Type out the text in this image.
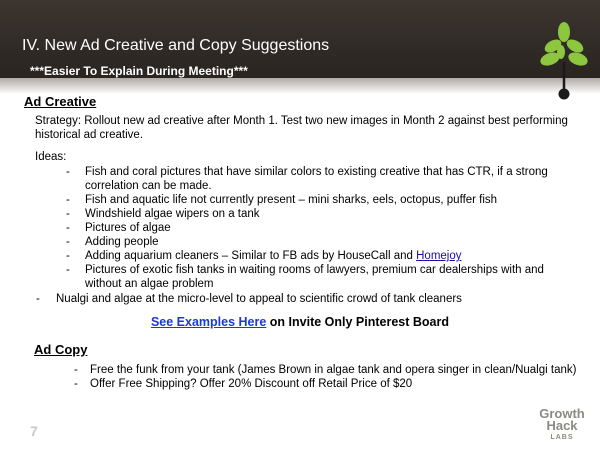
IV. New Ad Creative and Copy Suggestions
***Easier To Explain During Meeting***
Ad Creative
Strategy: Rollout new ad creative after Month 1. Test two new images in Month 2 against best performing
historical ad creative.
Ideas:
- Fish and coral pictures that have similar colors to existing creative that has CTR, if a strong
correlation can be made.
- Fish and aquatic life not currently present – mini sharks, eels, octopus, puffer fish
- Windshield algae wipers on a tank
- Pictures of algae
- Adding people
- Adding aquarium cleaners – Similar to FB ads by HouseCall and Homejoy
- Pictures of exotic fish tanks in waiting rooms of lawyers, premium car dealerships with and
without an algae problem
- Nualgi and algae at the micro-level to appeal to scientific crowd of tank cleaners
See Examples Here on Invite Only Pinterest Board
Ad Copy
- Free the funk from your tank (James Brown in algae tank and opera singer in clean/Nualgi tank)
- Offer Free Shipping? Offer 20% Discount off Retail Price of $20
7
Growth
Hack
LABS
